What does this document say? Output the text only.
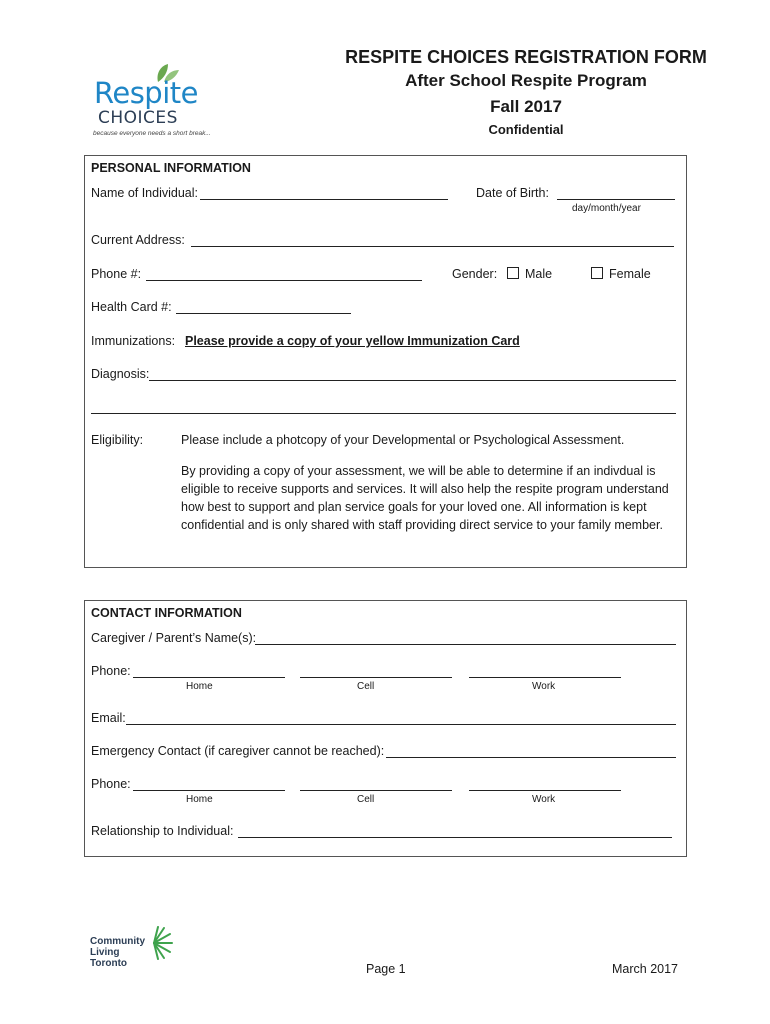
Respite
CHOICES
because everyone needs a short break...
RESPITE CHOICES REGISTRATION FORM
After School Respite Program
Fall 2017
Confidential
PERSONAL INFORMATION
Name of Individual:	Date of Birth:
day/month/year
Current Address:
Phone #:	Gender:	Male	Female
Health Card #:
Immunizations: Please provide a copy of your yellow Immunization Card
Diagnosis:
Eligibility:	Please include a photcopy of your Developmental or Psychological Assessment.
By providing a copy of your assessment, we will be able to determine if an indivdual is eligible to receive supports and services. It will also help the respite program understand how best to support and plan service goals for your loved one. All information is kept confidential and is only shared with staff providing direct service to your family member.
CONTACT INFORMATION
Caregiver / Parent’s Name(s):
Phone:
Home	Cell	Work
Email:
Emergency Contact (if caregiver cannot be reached):
Phone:
Home	Cell	Work
Relationship to Individual:
Community
Living
Toronto	Page 1	March 2017
